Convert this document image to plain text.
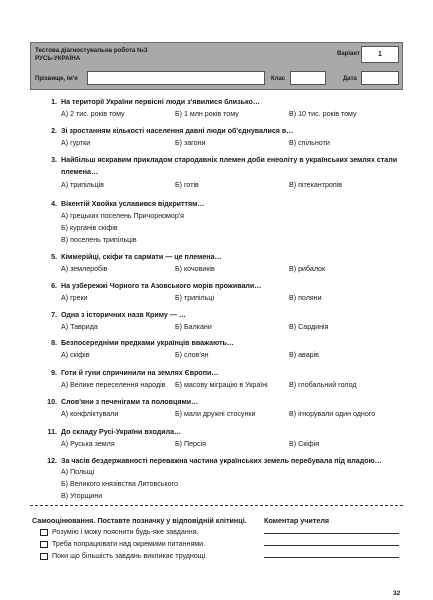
Тестова діагностувальна робота №3
РУСЬ-УКРАЇНА
Варіант	1
Прізвище, ім'я	Клас	Дата
1. На території України первісні люди з'явилися близько…
А) 2 тис. років тому	Б) 1 млн років тому	В) 10 тис. років тому
2. Зі зростанням кількості населення давні люди об'єднувалися в…
А) гуртки	Б) загони	В) спільноти
3. Найбільш яскравим прикладом стародавніх племен доби енеоліту в українських землях стали
племена…
А) трипільців	Б) готів	В) пітекантропів
4. Вікентій Хвойка уславився відкриттям…
А) грецьких поселень Причорномор'я
Б) курганів скіфів
В) поселень трипільців
5. Кіммерійці, скіфи та сармати — це племена…
А) землеробів	Б) кочовиків	В) рибалок
6. На узбережжі Чорного та Азовського морів проживали…
А) греки	Б) трипільці	В) поляни
7. Одна з історичних назв Криму — …
А) Таврида	Б) Балкани	В) Сардинія
8. Безпосередніми предками українців вважають…
А) скіфів	Б) слов'ян	В) аварів
9. Готи й гуни спричинили на землях Європи…
А) Велике переселення народів Б) масову міграцію в Україні	В) глобальний голод
10. Слов'яни з печенігами та половцями…
А) конфліктували	Б) мали дружні стосунки	В) ігнорували один одного
11. До складу Русі-України входила…
А) Руська земля	Б) Персія	В) Скіфія
12. За часів бездержавності переважна частина українських земель перебувала під владою…
А) Польщі
Б) Великого князівства Литовського
В) Угорщини
Самооцінювання. Поставте позначку у відповідній клітинці.
Розумію і можу пояснити будь-яке завдання.
Треба попрацювати над окремими питаннями.
Поки що більшість завдань викликає труднощі.
Коментар учителя
32
